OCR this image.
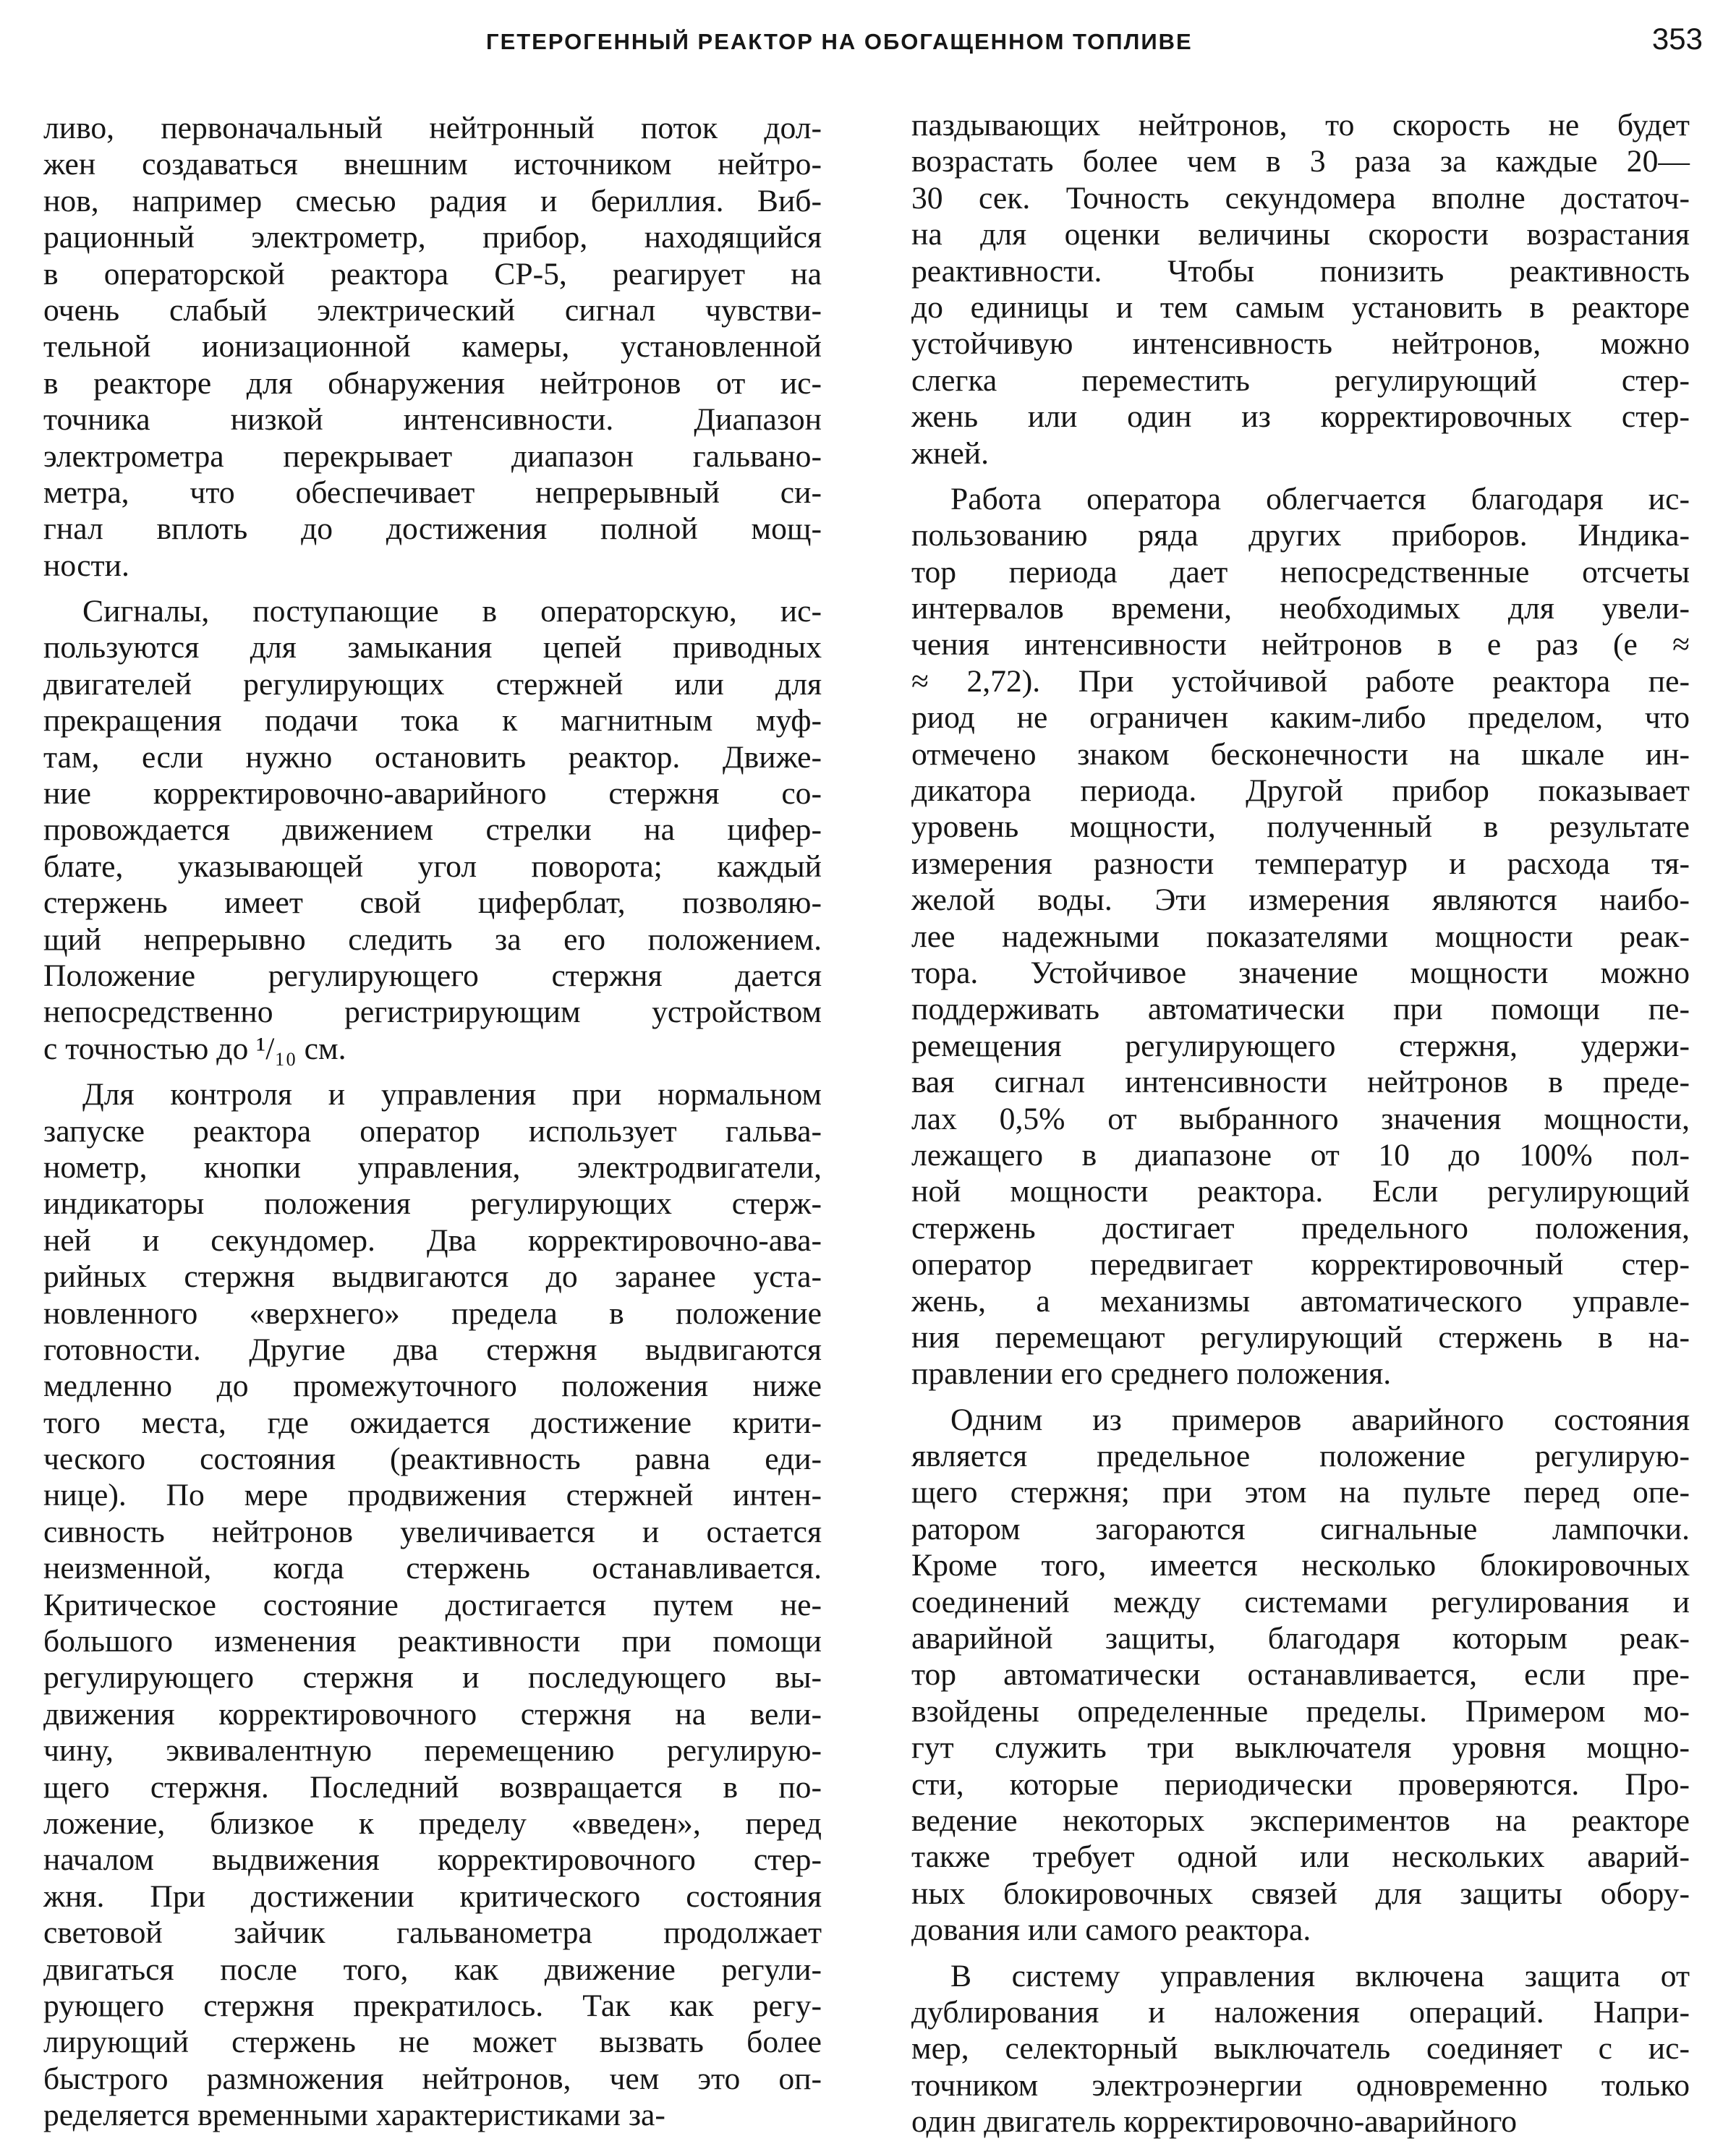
ГЕТЕРОГЕННЫЙ РЕАКТОР НА ОБОГАЩЕННОМ ТОПЛИВЕ	353
ливо, первоначальный нейтронный поток дол-
жен создаваться внешним источником нейтро-
нов, например смесью радия и бериллия. Виб-
рационный электрометр, прибор, находящийся
в операторской реактора СР-5, реагирует на
очень слабый электрический сигнал чувстви-
тельной ионизационной камеры, установленной
в реакторе для обнаружения нейтронов от ис-
точника низкой интенсивности. Диапазон
электрометра перекрывает диапазон гальвано-
метра, что обеспечивает непрерывный си-
гнал вплоть до достижения полной мощ-
ности.
Сигналы, поступающие в операторскую, ис-
пользуются для замыкания цепей приводных
двигателей регулирующих стержней или для
прекращения подачи тока к магнитным муф-
там, если нужно остановить реактор. Движе-
ние корректировочно-аварийного стержня со-
провождается движением стрелки на цифер-
блате, указывающей угол поворота; каждый
стержень имеет свой циферблат, позволяю-
щий непрерывно следить за его положением.
Положение регулирующего стержня дается
непосредственно регистрирующим устройством
с точностью до ¹/₁₀ см.
Для контроля и управления при нормальном
запуске реактора оператор использует гальва-
нометр, кнопки управления, электродвигатели,
индикаторы положения регулирующих стерж-
ней и секундомер. Два корректировочно-ава-
рийных стержня выдвигаются до заранее уста-
новленного «верхнего» предела в положение
готовности. Другие два стержня выдвигаются
медленно до промежуточного положения ниже
того места, где ожидается достижение крити-
ческого состояния (реактивность равна еди-
нице). По мере продвижения стержней интен-
сивность нейтронов увеличивается и остается
неизменной, когда стержень останавливается.
Критическое состояние достигается путем не-
большого изменения реактивности при помощи
регулирующего стержня и последующего вы-
движения корректировочного стержня на вели-
чину, эквивалентную перемещению регулирую-
щего стержня. Последний возвращается в по-
ложение, близкое к пределу «введен», перед
началом выдвижения корректировочного стер-
жня. При достижении критического состояния
световой зайчик гальванометра продолжает
двигаться после того, как движение регули-
рующего стержня прекратилось. Так как регу-
лирующий стержень не может вызвать более
быстрого размножения нейтронов, чем это оп-
ределяется временными характеристиками за-
паздывающих нейтронов, то скорость не будет
возрастать более чем в 3 раза за каждые 20—
30 сек. Точность секундомера вполне достаточ-
на для оценки величины скорости возрастания
реактивности. Чтобы понизить реактивность
до единицы и тем самым установить в реакторе
устойчивую интенсивность нейтронов, можно
слегка переместить регулирующий стер-
жень или один из корректировочных стер-
жней.
Работа оператора облегчается благодаря ис-
пользованию ряда других приборов. Индика-
тор периода дает непосредственные отсчеты
интервалов времени, необходимых для увели-
чения интенсивности нейтронов в e раз (e ≈
≈ 2,72). При устойчивой работе реактора пе-
риод не ограничен каким-либо пределом, что
отмечено знаком бесконечности на шкале ин-
дикатора периода. Другой прибор показывает
уровень мощности, полученный в результате
измерения разности температур и расхода тя-
желой воды. Эти измерения являются наибо-
лее надежными показателями мощности реак-
тора. Устойчивое значение мощности можно
поддерживать автоматически при помощи пе-
ремещения регулирующего стержня, удержи-
вая сигнал интенсивности нейтронов в преде-
лах 0,5% от выбранного значения мощности,
лежащего в диапазоне от 10 до 100% пол-
ной мощности реактора. Если регулирующий
стержень достигает предельного положения,
оператор передвигает корректировочный стер-
жень, а механизмы автоматического управле-
ния перемещают регулирующий стержень в на-
правлении его среднего положения.
Одним из примеров аварийного состояния
является предельное положение регулирую-
щего стержня; при этом на пульте перед опе-
ратором загораются сигнальные лампочки.
Кроме того, имеется несколько блокировочных
соединений между системами регулирования и
аварийной защиты, благодаря которым реак-
тор автоматически останавливается, если пре-
взойдены определенные пределы. Примером мо-
гут служить три выключателя уровня мощно-
сти, которые периодически проверяются. Про-
ведение некоторых экспериментов на реакторе
также требует одной или нескольких аварий-
ных блокировочных связей для защиты обору-
дования или самого реактора.
В систему управления включена защита от
дублирования и наложения операций. Напри-
мер, селекторный выключатель соединяет с ис-
точником электроэнергии одновременно только
один двигатель корректировочно-аварийного
